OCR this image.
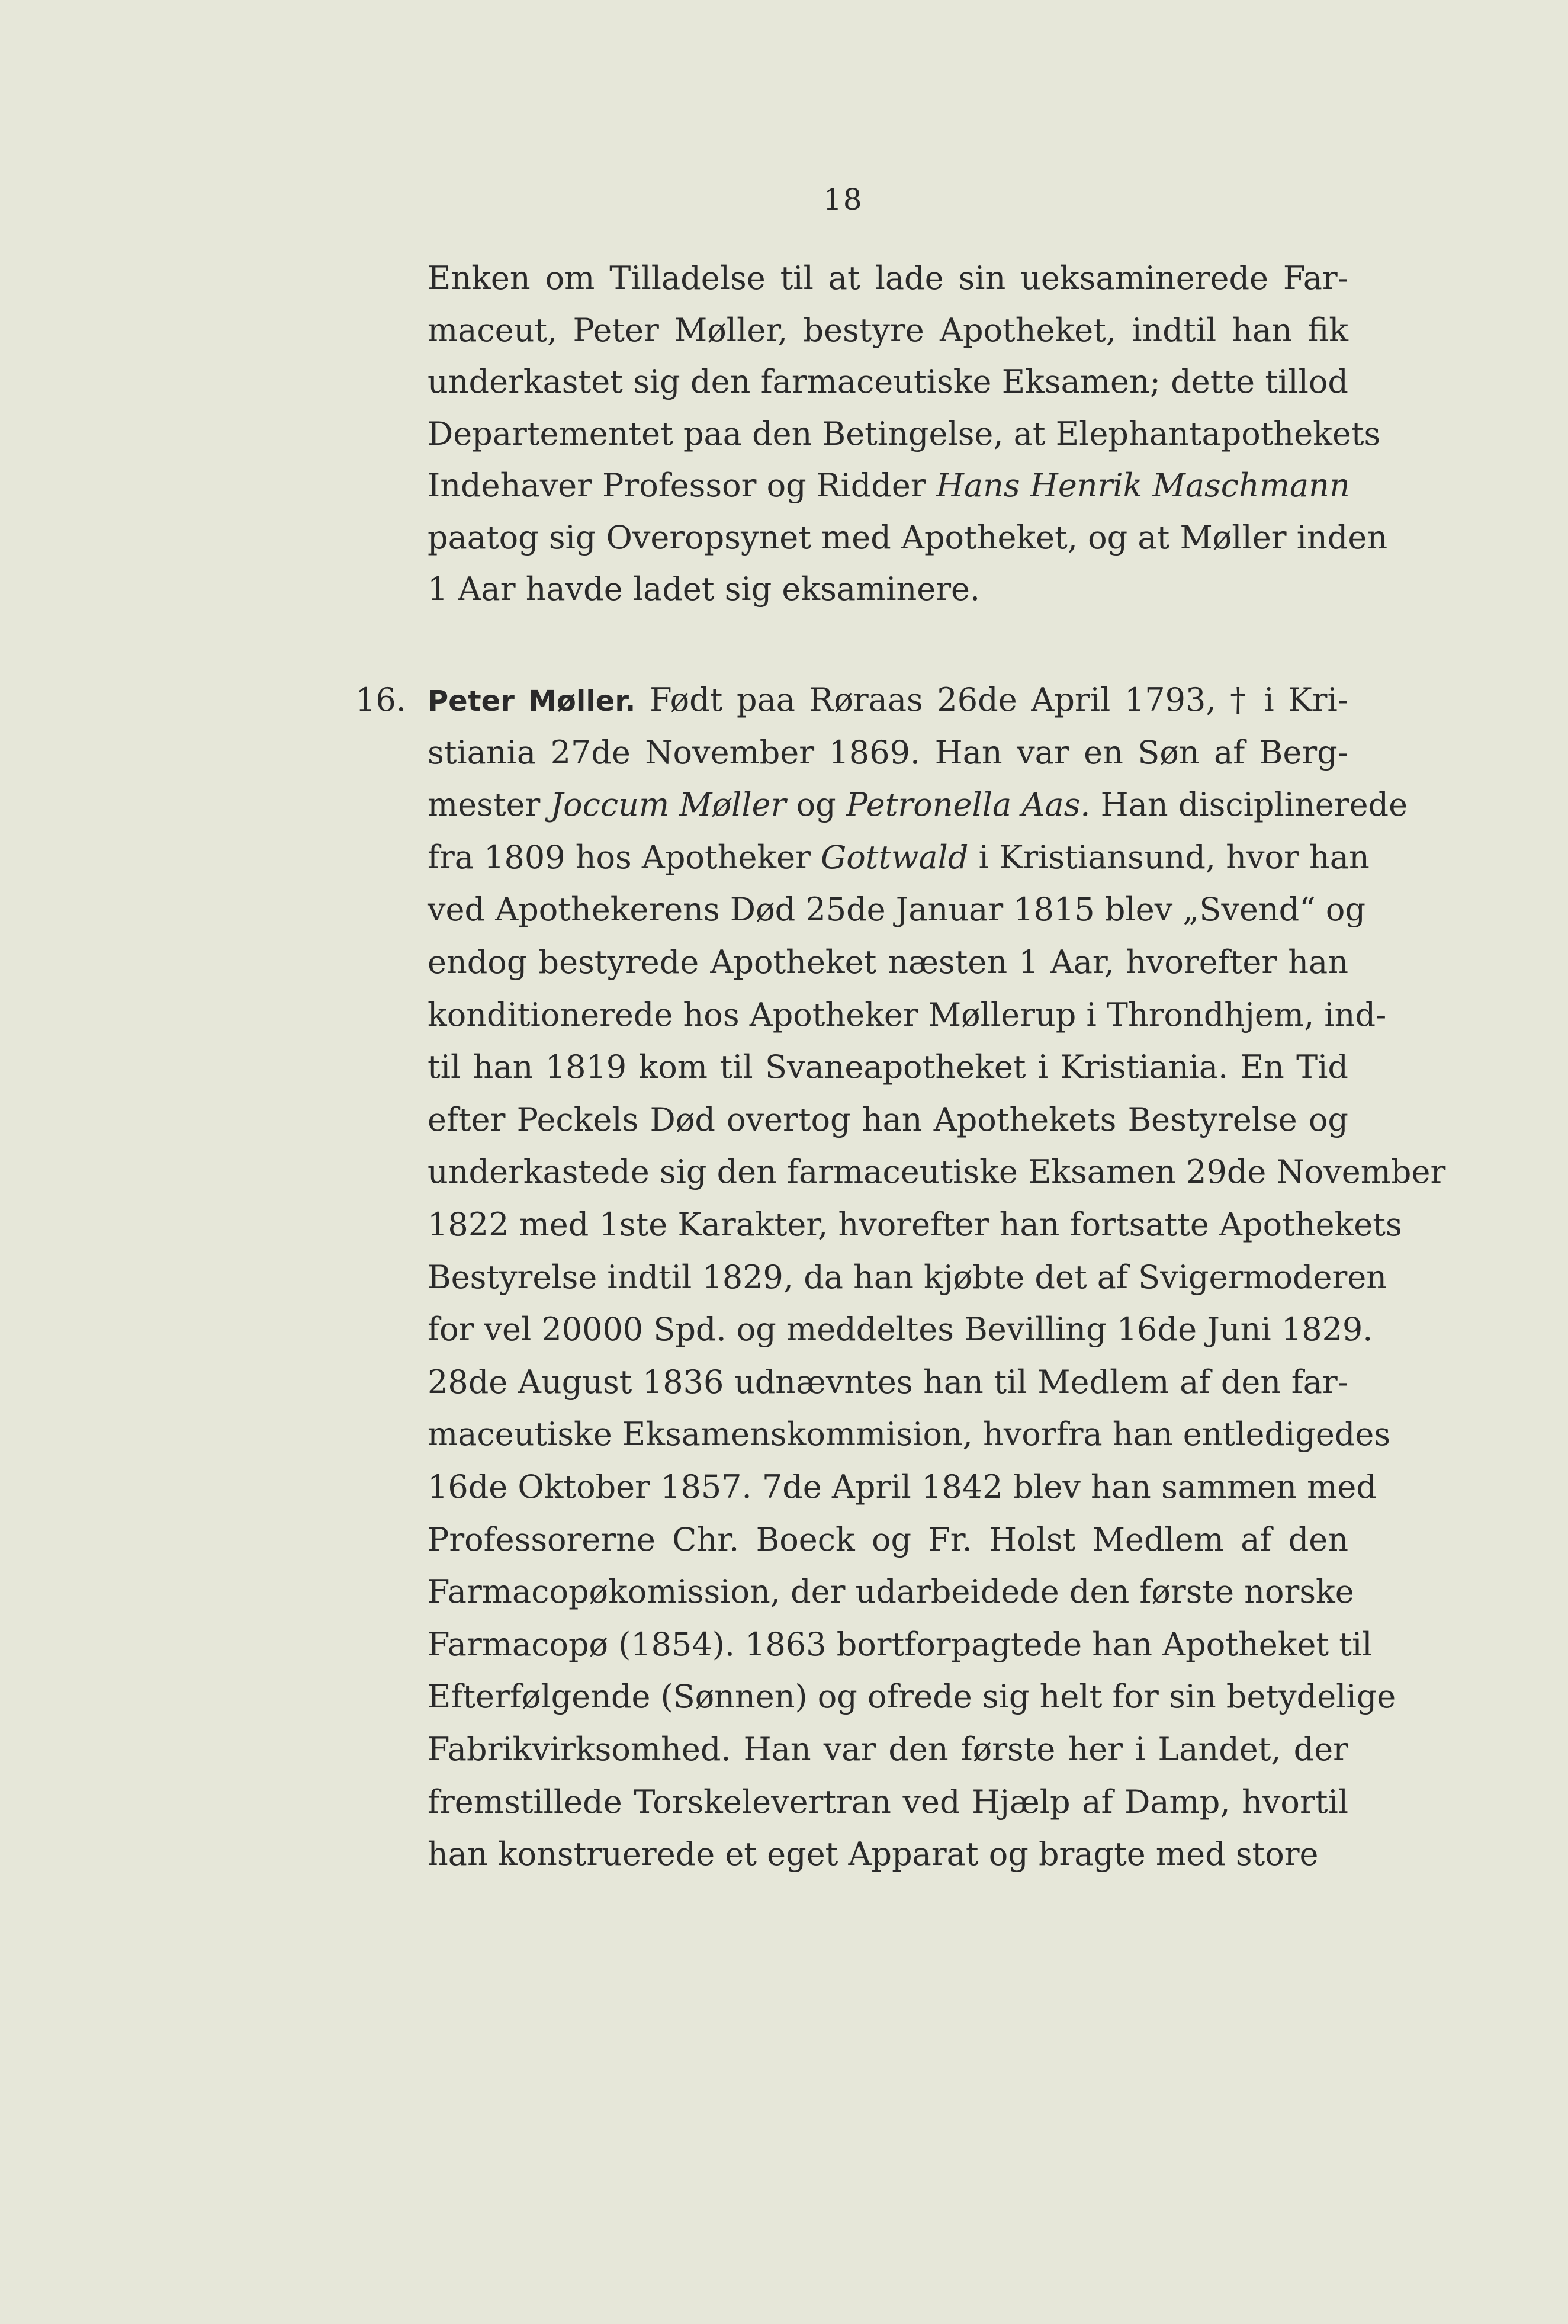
18
Enken om Tilladelse til at lade sin ueksaminerede Far-
maceut, Peter Møller, bestyre Apotheket, indtil han fik
underkastet sig den farmaceutiske Eksamen; dette tillod
Departementet paa den Betingelse, at Elephantapothekets
Indehaver Professor og Ridder Hans Henrik Maschmann
paatog sig Overopsynet med Apotheket, og at Møller inden
1 Aar havde ladet sig eksaminere.
16. Peter Møller. Født paa Røraas 26de April 1793, † i Kri-
stiania 27de November 1869. Han var en Søn af Berg-
mester Joccum Møller og Petronella Aas. Han disciplinerede
fra 1809 hos Apotheker Gottwald i Kristiansund, hvor han
ved Apothekerens Død 25de Januar 1815 blev „Svend“ og
endog bestyrede Apotheket næsten 1 Aar, hvorefter han
konditionerede hos Apotheker Møllerup i Throndhjem, ind-
til han 1819 kom til Svaneapotheket i Kristiania. En Tid
efter Peckels Død overtog han Apothekets Bestyrelse og
underkastede sig den farmaceutiske Eksamen 29de November
1822 med 1ste Karakter, hvorefter han fortsatte Apothekets
Bestyrelse indtil 1829, da han kjøbte det af Svigermoderen
for vel 20000 Spd. og meddeltes Bevilling 16de Juni 1829.
28de August 1836 udnævntes han til Medlem af den far-
maceutiske Eksamenskommision, hvorfra han entledigedes
16de Oktober 1857. 7de April 1842 blev han sammen med
Professorerne Chr. Boeck og Fr. Holst Medlem af den
Farmacopøkomission, der udarbeidede den første norske
Farmacopø (1854). 1863 bortforpagtede han Apotheket til
Efterfølgende (Sønnen) og ofrede sig helt for sin betydelige
Fabrikvirksomhed. Han var den første her i Landet, der
fremstillede Torskelevertran ved Hjælp af Damp, hvortil
han konstruerede et eget Apparat og bragte med store
